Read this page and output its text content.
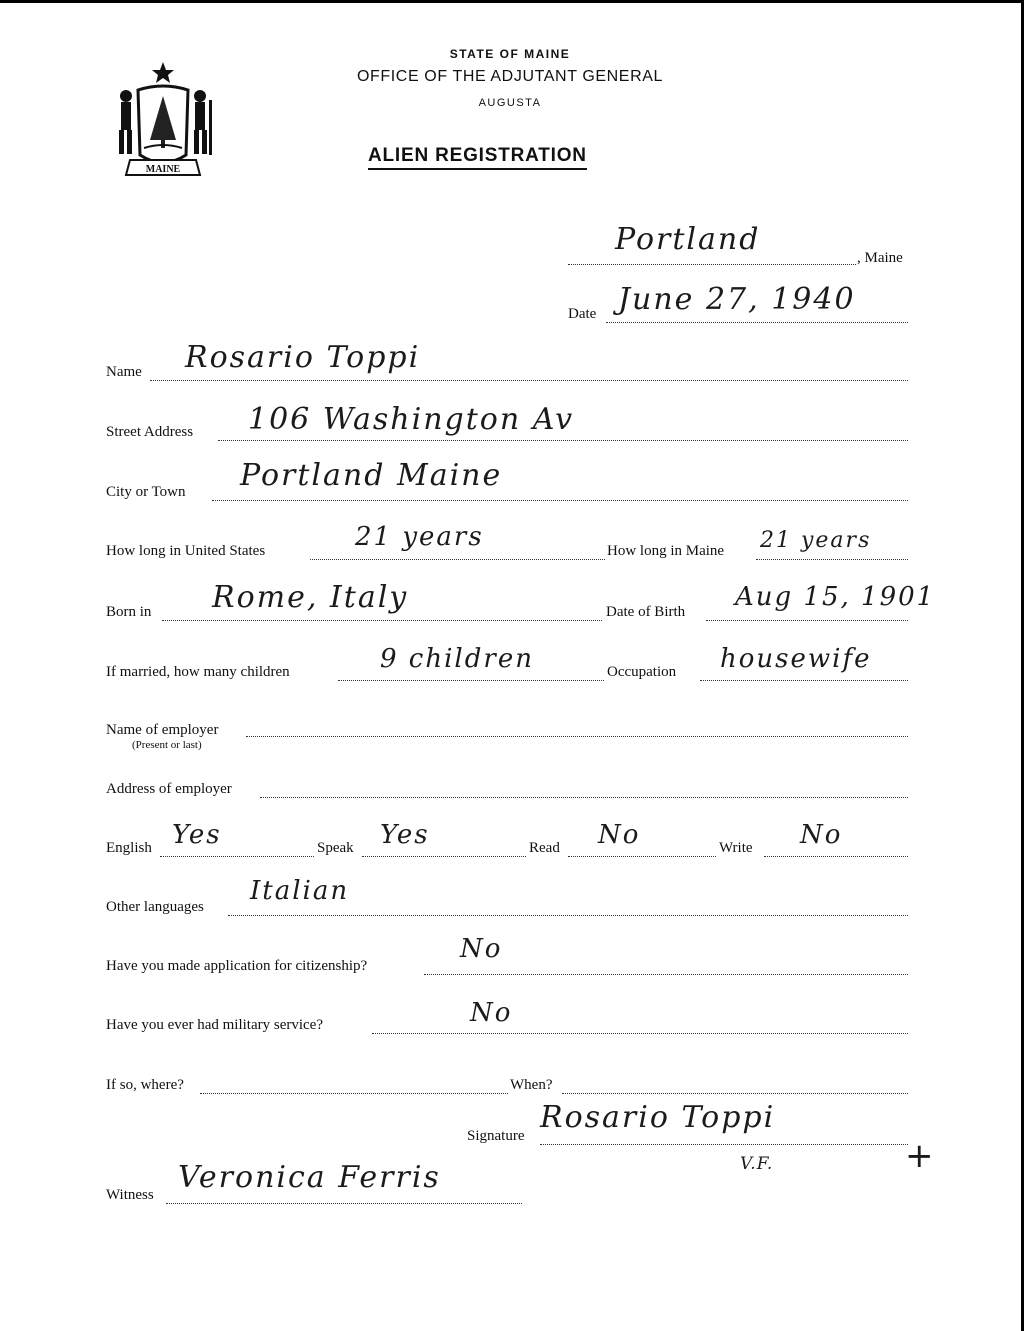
MAINE
STATE OF MAINE
OFFICE OF THE ADJUTANT GENERAL
AUGUSTA
ALIEN REGISTRATION
Portland
, Maine
Date June 27, 1940
Name Rosario Toppi
Street Address 106 Washington Av
City or Town Portland Maine
How long in United States	21 years	How long in Maine 21 years
Born in Rome, Italy	Date of Birth Aug 15, 1901
If married, how many children	9 children	Occupation housewife
Name of employer
(Present or last)
Address of employer
English Yes	Speak Yes	Read No	Write No
Other languages
Italian
Have you made application for citizenship?
No
Have you ever had military service?	No
If so, where?	When?
Signature
Rosario Toppi
V.F.	+
Witness Veronica Ferris
